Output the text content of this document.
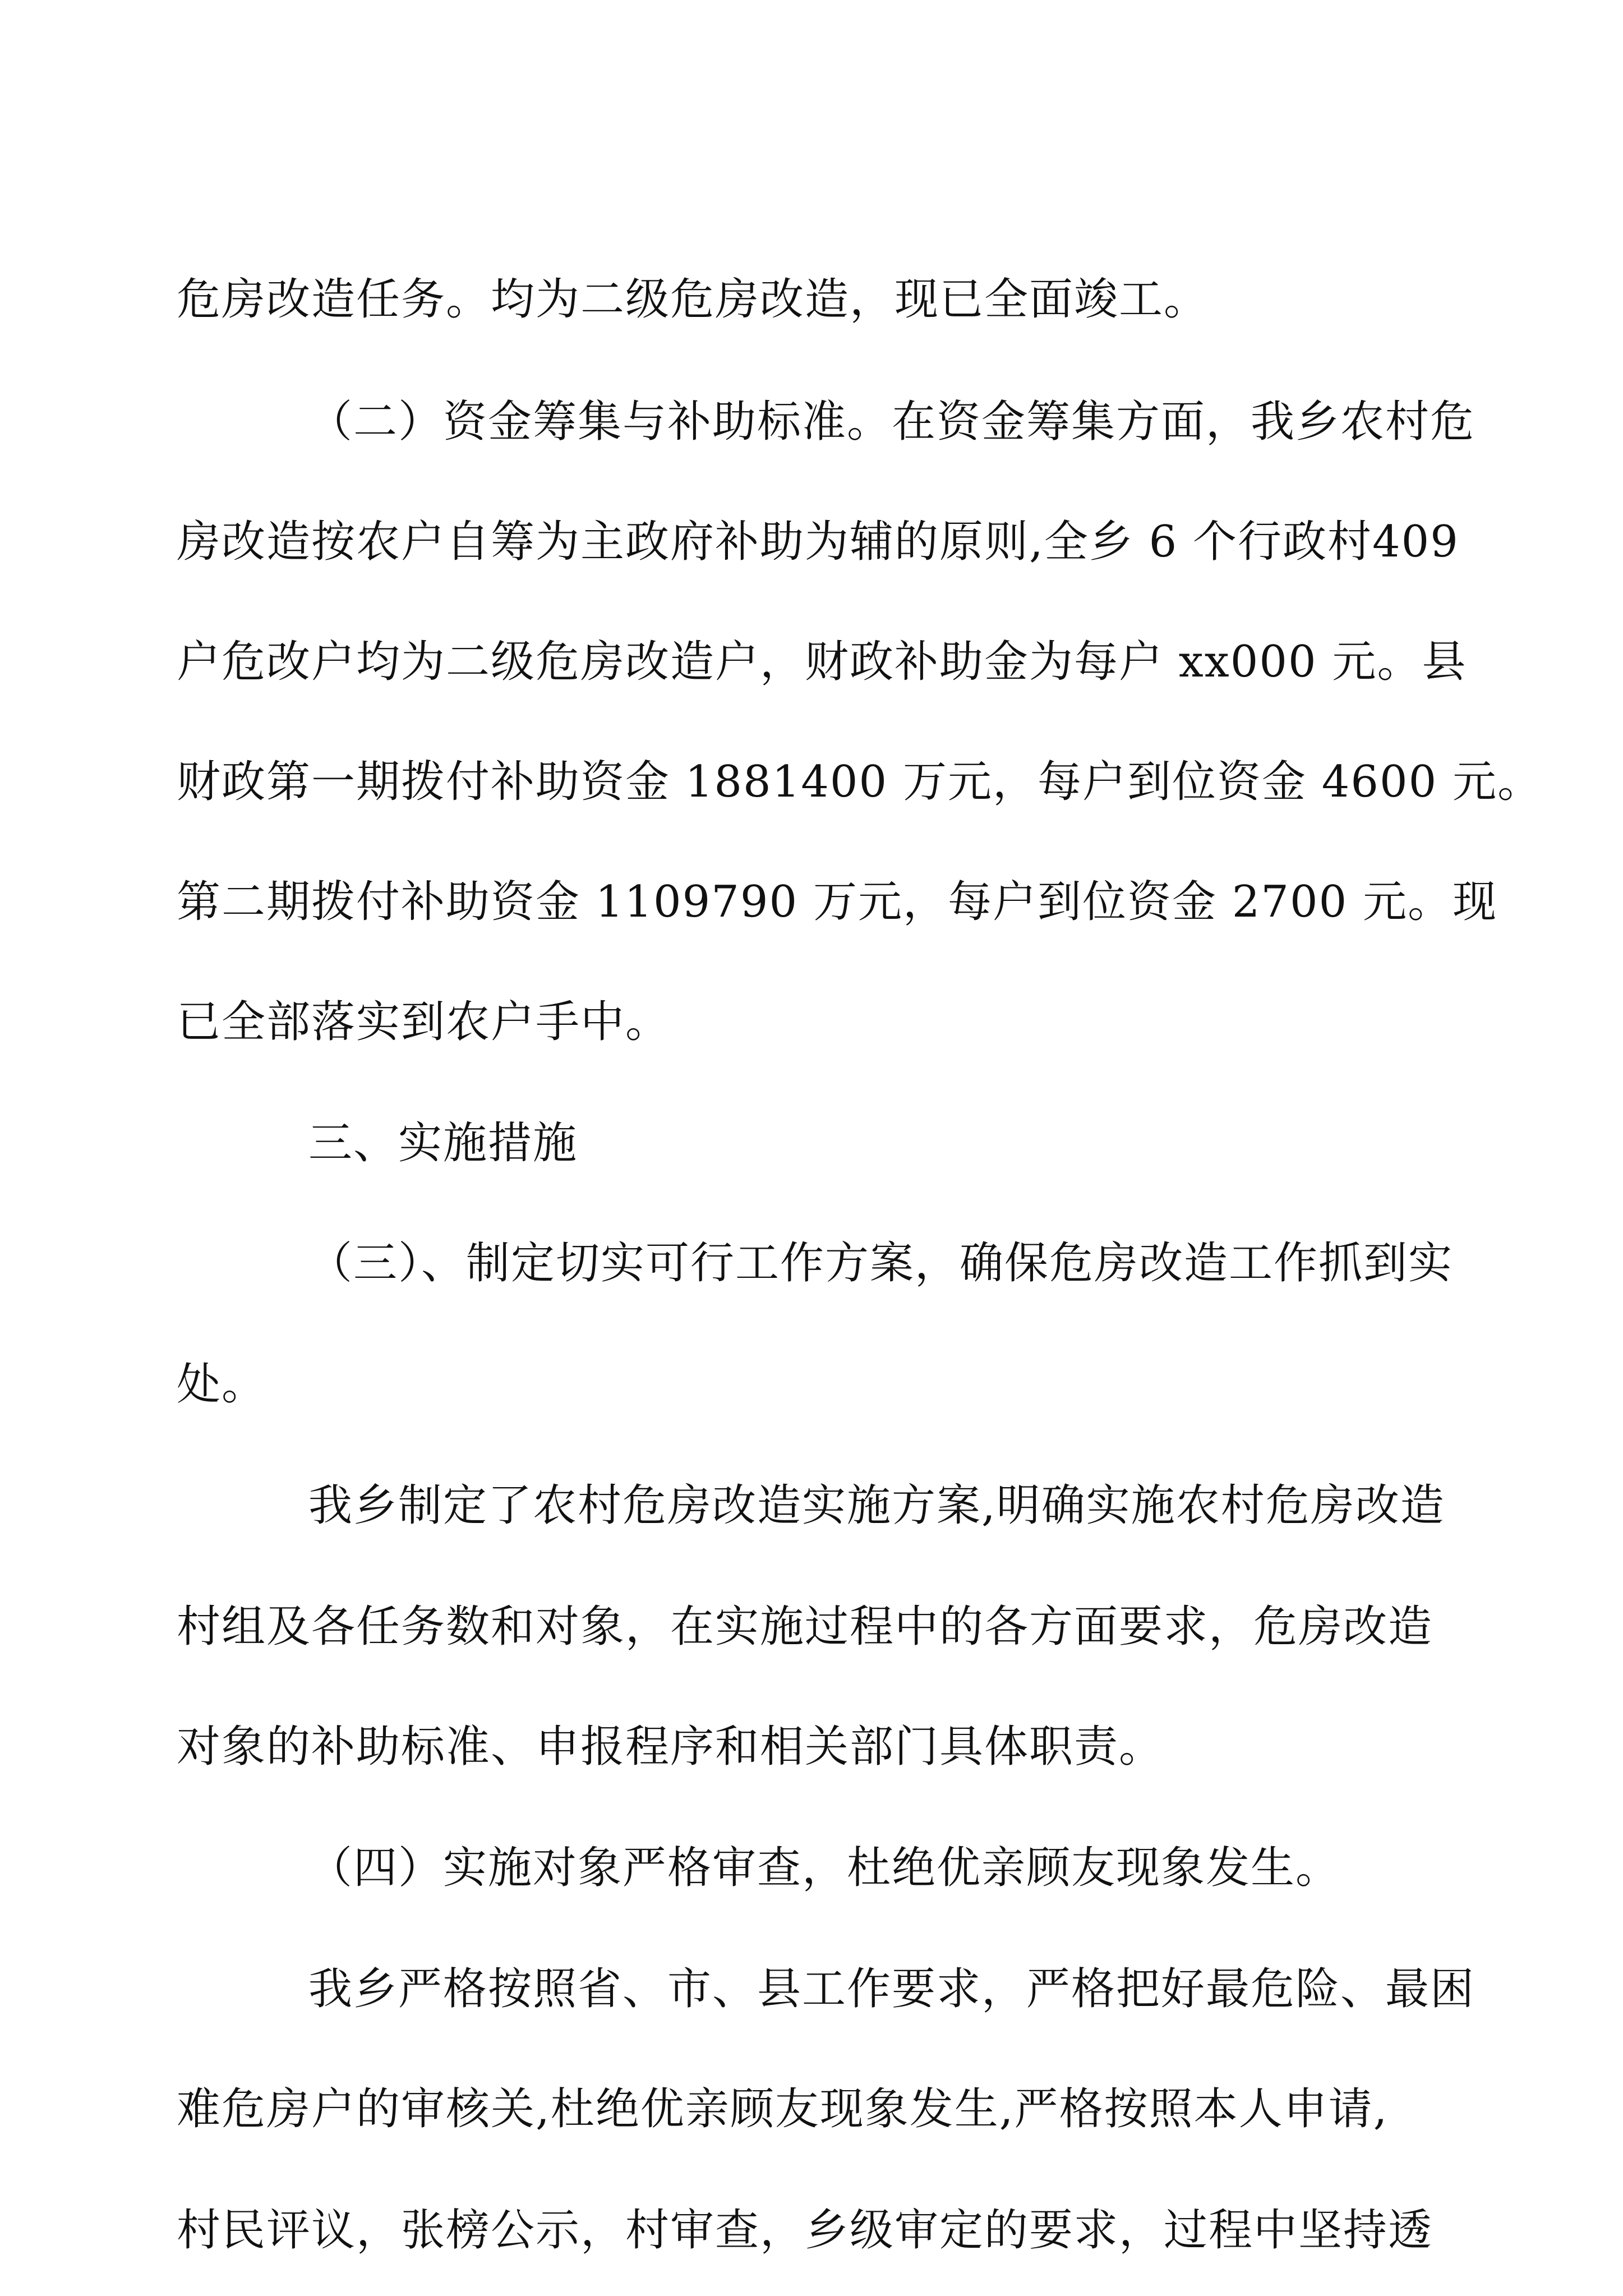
危房改造任务。均为二级危房改造，现已全面竣工。
（二）资金筹集与补助标准。在资金筹集方面，我乡农村危
房改造按农户自筹为主政府补助为辅的原则,全乡 6 个行政村409
户危改户均为二级危房改造户，财政补助金为每户 xx000 元。县
财政第一期拨付补助资金 1881400 万元，每户到位资金 4600 元。
第二期拨付补助资金 1109790 万元，每户到位资金 2700 元。现
已全部落实到农户手中。
三、实施措施
（三）、制定切实可行工作方案，确保危房改造工作抓到实
处。
我乡制定了农村危房改造实施方案,明确实施农村危房改造
村组及各任务数和对象，在实施过程中的各方面要求，危房改造
对象的补助标准、申报程序和相关部门具体职责。
（四）实施对象严格审查，杜绝优亲顾友现象发生。
我乡严格按照省、市、县工作要求，严格把好最危险、最困
难危房户的审核关,杜绝优亲顾友现象发生,严格按照本人申请,
村民评议，张榜公示，村审查，乡级审定的要求，过程中坚持透
